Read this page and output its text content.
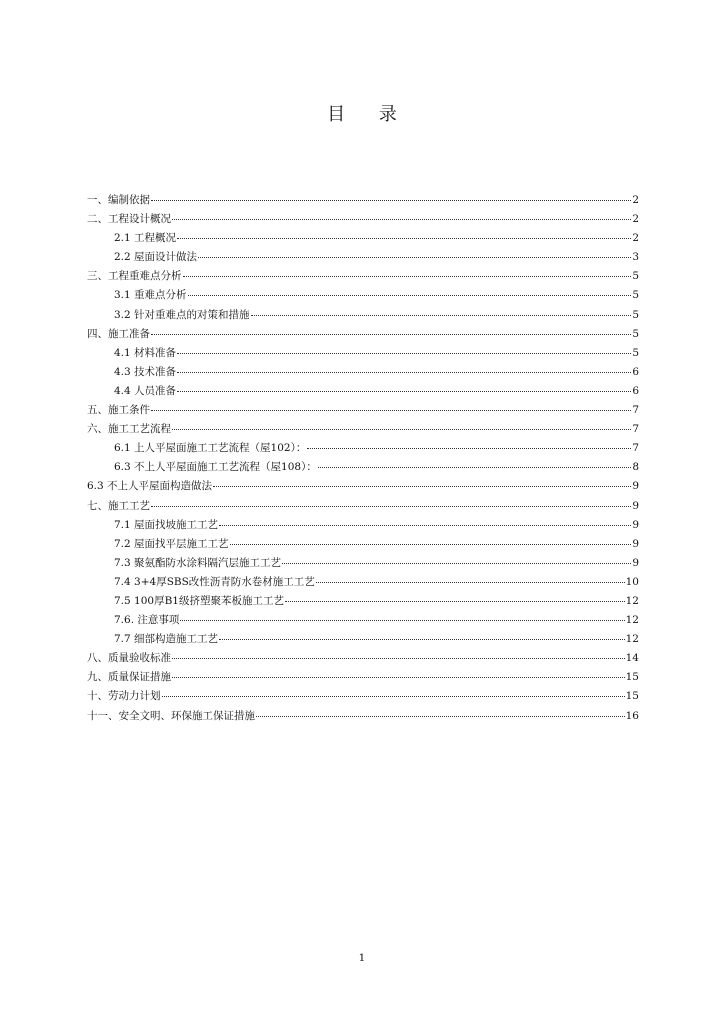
目 录
一、编制依据	2
二、工程设计概况	2
2.1 工程概况	2
2.2 屋面设计做法	3
三、工程重难点分析	5
3.1 重难点分析	5
3.2 针对重难点的对策和措施	5
四、施工准备	5
4.1 材料准备	5
4.3 技术准备	6
4.4 人员准备	6
五、施工条件	7
六、施工工艺流程	7
6.1 上人平屋面施工工艺流程（屋102）：	7
6.3 不上人平屋面施工工艺流程（屋108）：	8
6.3 不上人平屋面构造做法	9
七、施工工艺	9
7.1 屋面找坡施工工艺	9
7.2 屋面找平层施工工艺	9
7.3 聚氨酯防水涂料隔汽层施工工艺	9
7.4 3+4厚SBS改性沥青防水卷材施工工艺	10
7.5 100厚B1级挤塑聚苯板施工工艺	12
7.6. 注意事项	12
7.7 细部构造施工工艺	12
八、质量验收标准	14
九、质量保证措施	15
十、劳动力计划	15
十一、安全文明、环保施工保证措施	16
1
